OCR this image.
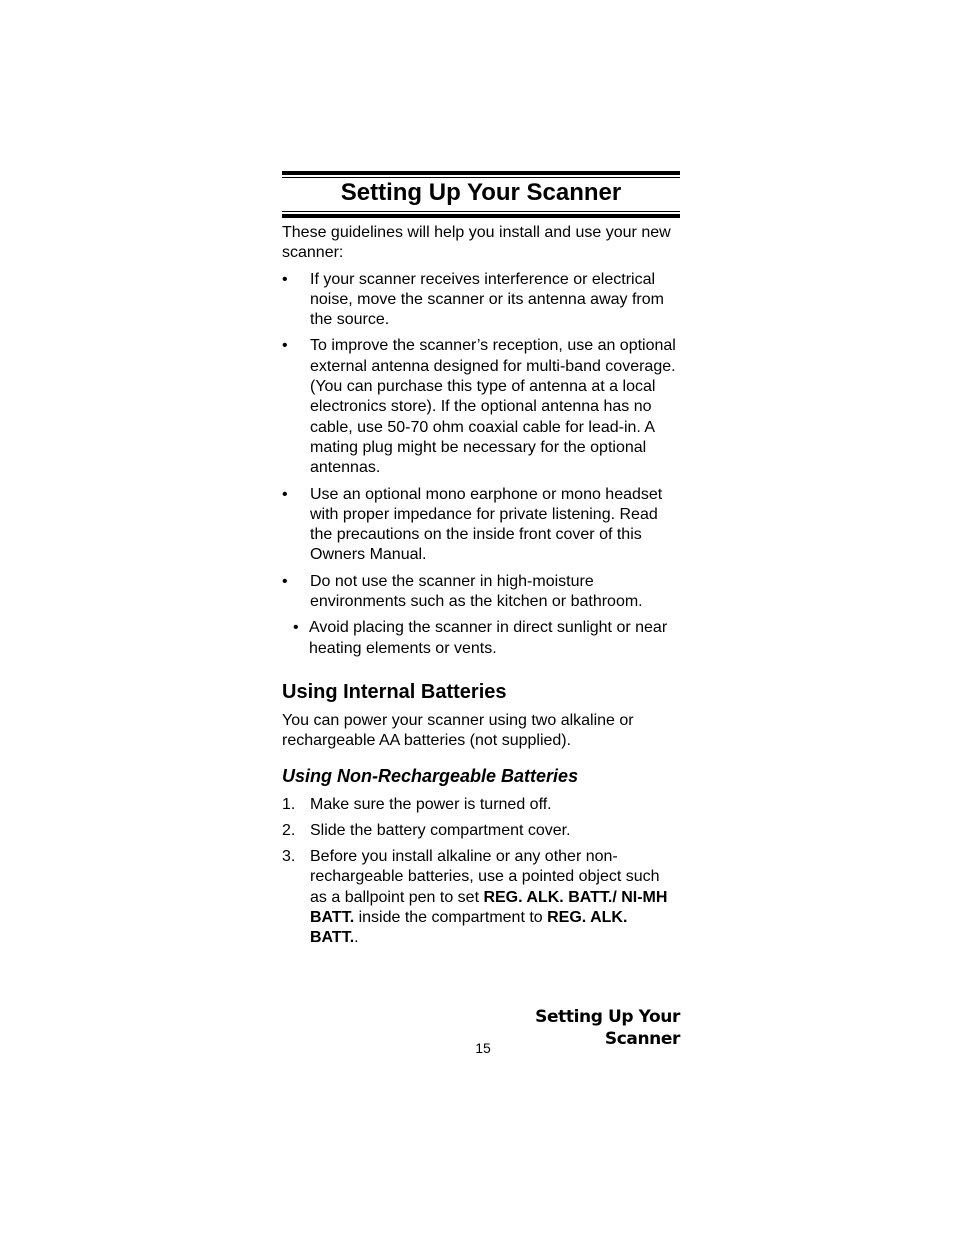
Setting Up Your Scanner

These guidelines will help you install and use your new scanner:

• If your scanner receives interference or electrical noise, move the scanner or its antenna away from the source.
• To improve the scanner’s reception, use an optional external antenna designed for multi-band coverage. (You can purchase this type of antenna at a local electronics store). If the optional antenna has no cable, use 50-70 ohm coaxial cable for lead-in. A mating plug might be necessary for the optional antennas.
• Use an optional mono earphone or mono headset with proper impedance for private listening. Read the precautions on the inside front cover of this Owners Manual.
• Do not use the scanner in high-moisture environments such as the kitchen or bathroom.
• Avoid placing the scanner in direct sunlight or near heating elements or vents.
Using Internal Batteries

You can power your scanner using two alkaline or rechargeable AA batteries (not supplied).

Using Non-Rechargeable Batteries
1. Make sure the power is turned off.
2. Slide the battery compartment cover.
3. Before you install alkaline or any other non-rechargeable batteries, use a pointed object such as a ballpoint pen to set REG. ALK. BATT./ NI-MH BATT. inside the compartment to REG. ALK. BATT..
Setting Up Your Scanner
15
